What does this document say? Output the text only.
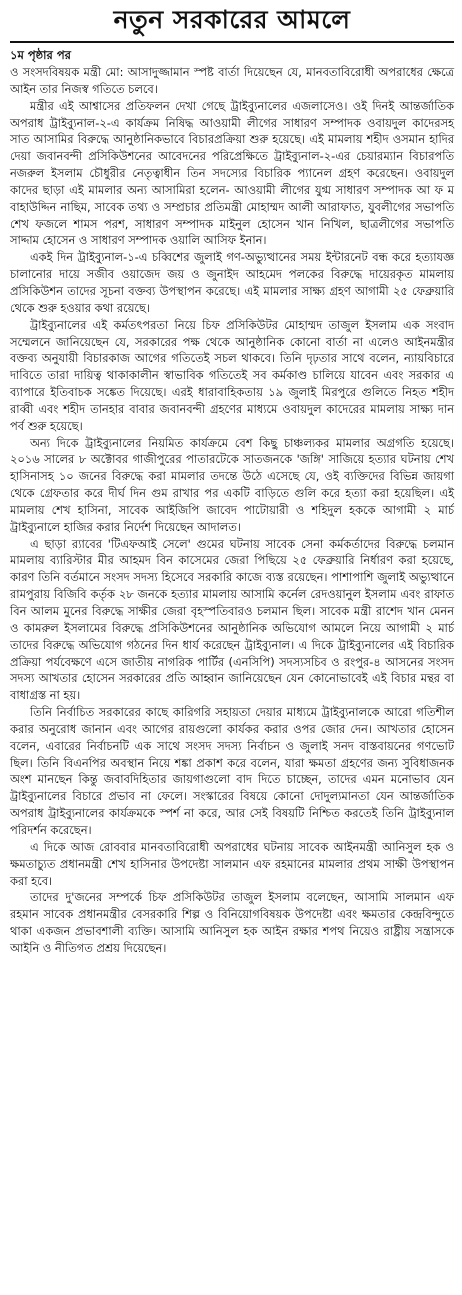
নতুন সরকারের আমলে

১ম পৃষ্ঠার পর

ও সংসদবিষয়ক মন্ত্রী মো: আসাদুজ্জামান স্পষ্ট বার্তা দিয়েছেন যে, মানবতাবিরোধী অপরাধের ক্ষেত্রে আইন তার নিজস্ব গতিতে চলবে।

মন্ত্রীর এই আশ্বাসের প্রতিফলন দেখা গেছে ট্রাইব্যুনালের এজলাসেও। ওই দিনই আন্তর্জাতিক অপরাধ ট্রাইব্যুনাল-২-এ কার্যক্রম নিষিদ্ধ আওয়ামী লীগের সাধারণ সম্পাদক ওবায়দুল কাদেরসহ সাত আসামির বিরুদ্ধে আনুষ্ঠানিকভাবে বিচারপ্রক্রিয়া শুরু হয়েছে। এই মামলায় শহীদ ওসমান হাদির দেয়া জবানবন্দী প্রসিকিউশনের আবেদনের পরিপ্রেক্ষিতে ট্রাইব্যুনাল-২-এর চেয়ারম্যান বিচারপতি নজরুল ইসলাম চৌধুরীর নেতৃত্বাধীন তিন সদস্যের বিচারিক প্যানেল গ্রহণ করেছেন। ওবায়দুল কাদের ছাড়া এই মামলার অন্য আসামিরা হলেন- আওয়ামী লীগের যুগ্ম সাধারণ সম্পাদক আ ফ ম বাহাউদ্দিন নাছিম, সাবেক তথ্য ও সম্প্রচার প্রতিমন্ত্রী মোহাম্মদ আলী আরাফাত, যুবলীগের সভাপতি শেখ ফজলে শামস পরশ, সাধারণ সম্পাদক মাইনুল হোসেন খান নিখিল, ছাত্রলীগের সভাপতি সাদ্দাম হোসেন ও সাধারণ সম্পাদক ওয়ালি আসিফ ইনান।

একই দিন ট্রাইব্যুনাল-১-এ চব্বিশের জুলাই গণ-অভ্যুত্থানের সময় ইন্টারনেট বন্ধ করে হত্যাযজ্ঞ চালানোর দায়ে সজীব ওয়াজেদ জয় ও জুনাইদ আহমেদ পলকের বিরুদ্ধে দায়েরকৃত মামলায় প্রসিকিউশন তাদের সূচনা বক্তব্য উপস্থাপন করেছে। এই মামলার সাক্ষ্য গ্রহণ আগামী ২৫ ফেব্রুয়ারি থেকে শুরু হওয়ার কথা রয়েছে।

ট্রাইব্যুনালের এই কর্মতৎপরতা নিয়ে চিফ প্রসিকিউটর মোহাম্মদ তাজুল ইসলাম এক সংবাদ সম্মেলনে জানিয়েছেন যে, সরকারের পক্ষ থেকে আনুষ্ঠানিক কোনো বার্তা না এলেও আইনমন্ত্রীর বক্তব্য অনুযায়ী বিচারকাজ আগের গতিতেই সচল থাকবে। তিনি দৃঢ়তার সাথে বলেন, ন্যায়বিচারে দাবিতে তারা দায়িত্ব থাকাকালীন স্বাভাবিক গতিতেই সব কর্মকাণ্ড চালিয়ে যাবেন এবং সরকার এ ব্যাপারে ইতিবাচক সঙ্কেত দিয়েছে। এরই ধারাবাহিকতায় ১৯ জুলাই মিরপুরে গুলিতে নিহত শহীদ রাব্বী এবং শহীদ তানহার বাবার জবানবন্দী গ্রহণের মাধ্যমে ওবায়দুল কাদেরের মামলায় সাক্ষ্য দান পর্ব শুরু হয়েছে।

অন্য দিকে ট্রাইব্যুনালের নিয়মিত কার্যক্রমে বেশ কিছু চাঞ্চল্যকর মামলার অগ্রগতি হয়েছে। ২০১৬ সালের ৮ অক্টোবর গাজীপুরের পাতারটেকে সাতজনকে 'জঙ্গি' সাজিয়ে হত্যার ঘটনায় শেখ হাসিনাসহ ১০ জনের বিরুদ্ধে করা মামলার তদন্তে উঠে এসেছে যে, ওই ব্যক্তিদের বিভিন্ন জায়গা থেকে গ্রেফতার করে দীর্ঘ দিন গুম রাখার পর একটি বাড়িতে গুলি করে হত্যা করা হয়েছিল। এই মামলায় শেখ হাসিনা, সাবেক আইজিপি জাবেদ পাটোয়ারী ও শহিদুল হককে আগামী ২ মার্চ ট্রাইব্যুনালে হাজির করার নির্দেশ দিয়েছেন আদালত।

এ ছাড়া র‍্যাবের 'টিএফআই সেলে' গুমের ঘটনায় সাবেক সেনা কর্মকর্তাদের বিরুদ্ধে চলমান মামলায় ব্যারিস্টার মীর আহমদ বিন কাসেমের জেরা পিছিয়ে ২৫ ফেব্রুয়ারি নির্ধারণ করা হয়েছে, কারণ তিনি বর্তমানে সংসদ সদস্য হিসেবে সরকারি কাজে ব্যস্ত রয়েছেন। পাশাপাশি জুলাই অভ্যুত্থানে রামপুরায় বিজিবি কর্তৃক ২৮ জনকে হত্যার মামলায় আসামি কর্নেল রেদওয়ানুল ইসলাম এবং রাফাত বিন আলম মুনের বিরুদ্ধে সাক্ষীর জেরা বৃহস্পতিবারও চলমান ছিল। সাবেক মন্ত্রী রাশেদ খান মেনন ও কামরুল ইসলামের বিরুদ্ধে প্রসিকিউশনের আনুষ্ঠানিক অভিযোগ আমলে নিয়ে আগামী ২ মার্চ তাদের বিরুদ্ধে অভিযোগ গঠনের দিন ধার্য করেছেন ট্রাইব্যুনাল। এ দিকে ট্রাইব্যুনালের এই বিচারিক প্রক্রিয়া পর্যবেক্ষণে এসে জাতীয় নাগরিক পার্টির (এনসিপি) সদস্যসচিব ও রংপুর-৪ আসনের সংসদ সদস্য আখতার হোসেন সরকারের প্রতি আহ্বান জানিয়েছেন যেন কোনোভাবেই এই বিচার মন্থর বা বাধাগ্রস্ত না হয়।

তিনি নির্বাচিত সরকারের কাছে কারিগরি সহায়তা দেয়ার মাধ্যমে ট্রাইব্যুনালকে আরো গতিশীল করার অনুরোধ জানান এবং আগের রায়গুলো কার্যকর করার ওপর জোর দেন। আখতার হোসেন বলেন, এবারের নির্বাচনটি এক সাথে সংসদ সদস্য নির্বাচন ও জুলাই সনদ বাস্তবায়নের গণভোট ছিল। তিনি বিএনপির অবস্থান নিয়ে শঙ্কা প্রকাশ করে বলেন, যারা ক্ষমতা গ্রহণের জন্য সুবিধাজনক অংশ মানছেন কিন্তু জবাবদিহিতার জায়গাগুলো বাদ দিতে চাচ্ছেন, তাদের এমন মনোভাব যেন ট্রাইব্যুনালের বিচারে প্রভাব না ফেলে। সংস্কারের বিষয়ে কোনো দোদুল্যমানতা যেন আন্তর্জাতিক অপরাধ ট্রাইব্যুনালের কার্যক্রমকে স্পর্শ না করে, আর সেই বিষয়টি নিশ্চিত করতেই তিনি ট্রাইব্যুনাল পরিদর্শন করেছেন।

এ দিকে আজ রোববার মানবতাবিরোধী অপরাধের ঘটনায় সাবেক আইনমন্ত্রী আনিসুল হক ও ক্ষমতাচ্যুত প্রধানমন্ত্রী শেখ হাসিনার উপদেষ্টা সালমান এফ রহমানের মামলার প্রথম সাক্ষী উপস্থাপন করা হবে।

তাদের দু'জনের সম্পর্কে চিফ প্রসিকিউটর তাজুল ইসলাম বলেছেন, আসামি সালমান এফ রহমান সাবেক প্রধানমন্ত্রীর বেসরকারি শিল্প ও বিনিয়োগবিষয়ক উপদেষ্টা এবং ক্ষমতার কেন্দ্রবিন্দুতে থাকা একজন প্রভাবশালী ব্যক্তি। আসামি আনিসুল হক আইন রক্ষার শপথ নিয়েও রাষ্ট্রীয় সন্ত্রাসকে আইনি ও নীতিগত প্রশ্রয় দিয়েছেন।
